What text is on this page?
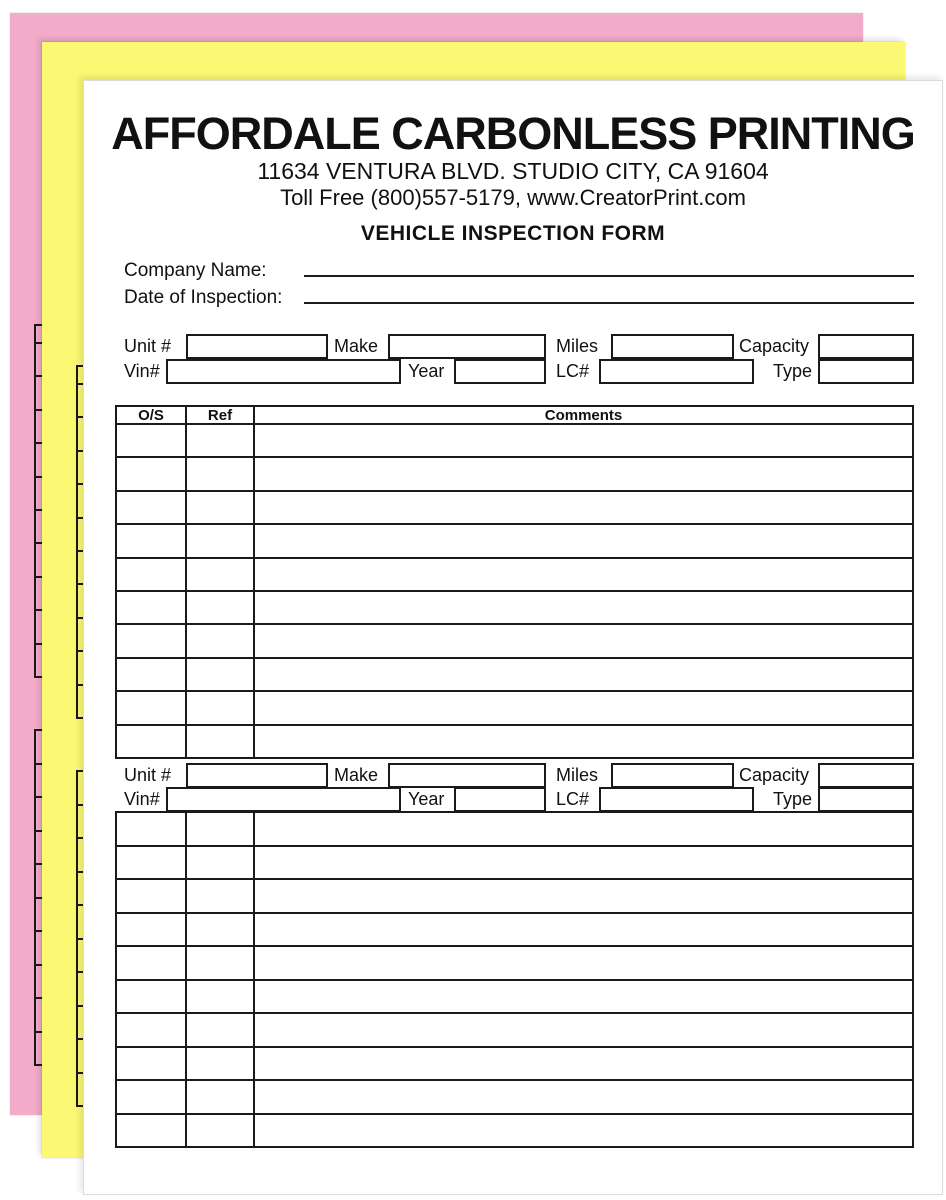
AFFORDALE CARBONLESS PRINTING
11634 VENTURA BLVD. STUDIO CITY, CA 91604
Toll Free (800)557-5179, www.CreatorPrint.com
VEHICLE INSPECTION FORM
Company Name:
Date of Inspection:
Unit #	Make	Miles	Capacity
Vin#	Year	LC#	Type
O/S	Ref	Comments
Unit #	Make	Miles	Capacity
Vin#	Year	LC#	Type
